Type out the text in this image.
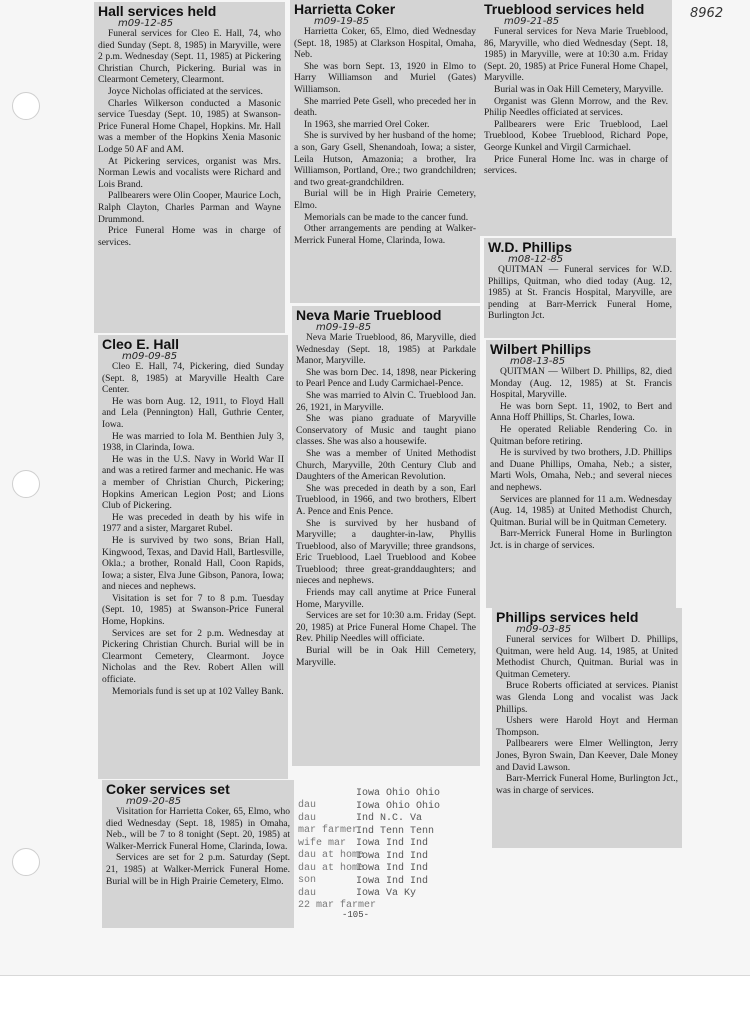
8962
dau
dau
mar farmer
wife mar
dau at home
dau at home
son
dau
22 mar farmer
Iowa Ohio Ohio
Iowa Ohio Ohio
Ind N.C. Va
Ind Tenn Tenn
Iowa Ind Ind
Iowa Ind Ind
Iowa Ind Ind
Iowa Ind Ind
Iowa Va Ky
Hall services held
m09-12-85

Funeral services for Cleo E. Hall, 74, who died Sunday (Sept. 8, 1985) in Maryville, were 2 p.m. Wednesday (Sept. 11, 1985) at Pickering Christian Church, Pickering. Burial was in Clearmont Cemetery, Clearmont.

Joyce Nicholas officiated at the services.

Charles Wilkerson conducted a Masonic service Tuesday (Sept. 10, 1985) at Swanson-Price Funeral Home Chapel, Hopkins. Mr. Hall was a member of the Hopkins Xenia Masonic Lodge 50 AF and AM.

At Pickering services, organist was Mrs. Norman Lewis and vocalists were Richard and Lois Brand.

Pallbearers were Olin Cooper, Maurice Loch, Ralph Clayton, Charles Parman and Wayne Drummond.

Price Funeral Home was in charge of services.

Cleo E. Hall
m09-09-85

Cleo E. Hall, 74, Pickering, died Sunday (Sept. 8, 1985) at Maryville Health Care Center.

He was born Aug. 12, 1911, to Floyd Hall and Lela (Pennington) Hall, Guthrie Center, Iowa.

He was married to Iola M. Benthien July 3, 1938, in Clarinda, Iowa.

He was in the U.S. Navy in World War II and was a retired farmer and mechanic. He was a member of Christian Church, Pickering; Hopkins American Legion Post; and Lions Club of Pickering.

He was preceded in death by his wife in 1977 and a sister, Margaret Rubel.

He is survived by two sons, Brian Hall, Kingwood, Texas, and David Hall, Bartlesville, Okla.; a brother, Ronald Hall, Coon Rapids, Iowa; a sister, Elva June Gibson, Panora, Iowa; and nieces and nephews.

Visitation is set for 7 to 8 p.m. Tuesday (Sept. 10, 1985) at Swanson-Price Funeral Home, Hopkins.

Services are set for 2 p.m. Wednesday at Pickering Christian Church. Burial will be in Clearmont Cemetery, Clearmont. Joyce Nicholas and the Rev. Robert Allen will officiate.

Memorials fund is set up at 102 Valley Bank.

Coker services set
m09-20-85

Visitation for Harrietta Coker, 65, Elmo, who died Wednesday (Sept. 18, 1985) in Omaha, Neb., will be 7 to 8 tonight (Sept. 20, 1985) at Walker-Merrick Funeral Home, Clarinda, Iowa.

Services are set for 2 p.m. Saturday (Sept. 21, 1985) at Walker-Merrick Funeral Home. Burial will be in High Prairie Cemetery, Elmo.

Harrietta Coker
m09-19-85

Harrietta Coker, 65, Elmo, died Wednesday (Sept. 18, 1985) at Clarkson Hospital, Omaha, Neb.

She was born Sept. 13, 1920 in Elmo to Harry Williamson and Muriel (Gates) Williamson.

She married Pete Gsell, who preceded her in death.

In 1963, she married Orel Coker.

She is survived by her husband of the home; a son, Gary Gsell, Shenandoah, Iowa; a sister, Leila Hutson, Amazonia; a brother, Ira Williamson, Portland, Ore.; two grandchildren; and two great-grandchildren.

Burial will be in High Prairie Cemetery, Elmo.

Memorials can be made to the cancer fund.

Other arrangements are pending at Walker-Merrick Funeral Home, Clarinda, Iowa.

Neva Marie Trueblood
m09-19-85

Neva Marie Trueblood, 86, Maryville, died Wednesday (Sept. 18, 1985) at Parkdale Manor, Maryville.

She was born Dec. 14, 1898, near Pickering to Pearl Pence and Ludy Carmichael-Pence.

She was married to Alvin C. Trueblood Jan. 26, 1921, in Maryville.

She was piano graduate of Maryville Conservatory of Music and taught piano classes. She was also a housewife.

She was a member of United Methodist Church, Maryville, 20th Century Club and Daughters of the American Revolution.

She was preceded in death by a son, Earl Trueblood, in 1966, and two brothers, Elbert A. Pence and Enis Pence.

She is survived by her husband of Maryville; a daughter-in-law, Phyllis Trueblood, also of Maryville; three grandsons, Eric Trueblood, Lael Trueblood and Kobee Trueblood; three great-granddaughters; and nieces and nephews.

Friends may call anytime at Price Funeral Home, Maryville.

Services are set for 10:30 a.m. Friday (Sept. 20, 1985) at Price Funeral Home Chapel. The Rev. Philip Needles will officiate.

Burial will be in Oak Hill Cemetery, Maryville.

Trueblood services held
m09-21-85

Funeral services for Neva Marie Trueblood, 86, Maryville, who died Wednesday (Sept. 18, 1985) in Maryville, were at 10:30 a.m. Friday (Sept. 20, 1985) at Price Funeral Home Chapel, Maryville.

Burial was in Oak Hill Cemetery, Maryville.

Organist was Glenn Morrow, and the Rev. Philip Needles officiated at services.

Pallbearers were Eric Trueblood, Lael Trueblood, Kobee Trueblood, Richard Pope, George Kunkel and Virgil Carmichael.

Price Funeral Home Inc. was in charge of services.

W.D. Phillips
m08-12-85

QUITMAN — Funeral services for W.D. Phillips, Quitman, who died today (Aug. 12, 1985) at St. Francis Hospital, Maryville, are pending at Barr-Merrick Funeral Home, Burlington Jct.

Wilbert Phillips
m08-13-85

QUITMAN — Wilbert D. Phillips, 82, died Monday (Aug. 12, 1985) at St. Francis Hospital, Maryville.

He was born Sept. 11, 1902, to Bert and Anna Hoff Phillips, St. Charles, Iowa.

He operated Reliable Rendering Co. in Quitman before retiring.

He is survived by two brothers, J.D. Phillips and Duane Phillips, Omaha, Neb.; a sister, Marti Wols, Omaha, Neb.; and several nieces and nephews.

Services are planned for 11 a.m. Wednesday (Aug. 14, 1985) at United Methodist Church, Quitman. Burial will be in Quitman Cemetery.

Barr-Merrick Funeral Home in Burlington Jct. is in charge of services.

Phillips services held
m09-03-85

Funeral services for Wilbert D. Phillips, Quitman, were held Aug. 14, 1985, at United Methodist Church, Quitman. Burial was in Quitman Cemetery.

Bruce Roberts officiated at services. Pianist was Glenda Long and vocalist was Jack Phillips.

Ushers were Harold Hoyt and Herman Thompson.

Pallbearers were Elmer Wellington, Jerry Jones, Byron Swain, Dan Keever, Dale Money and David Lawson.

Barr-Merrick Funeral Home, Burlington Jct., was in charge of services.

-105-
